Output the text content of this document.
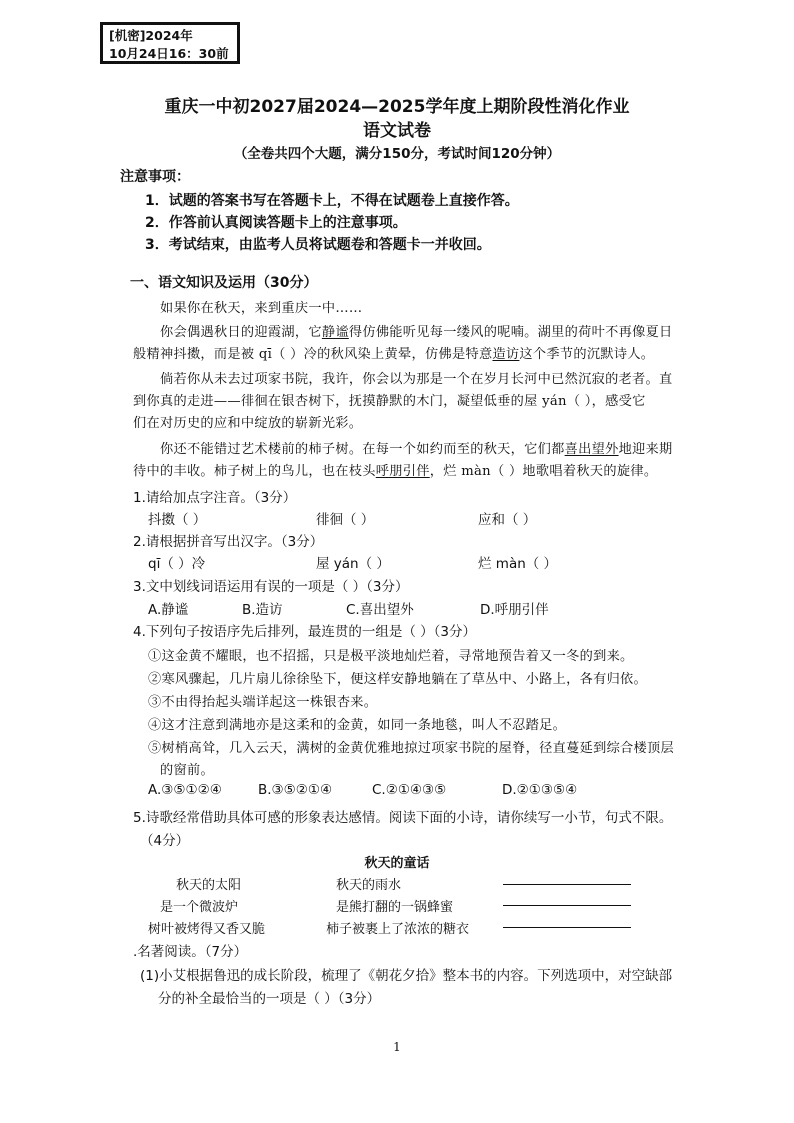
[机密]2024年
10月24日16：30前
重庆一中初2027届2024—2025学年度上期阶段性消化作业
语文试卷
（全卷共四个大题，满分150分，考试时间120分钟）
注意事项：
1．试题的答案书写在答题卡上，不得在试题卷上直接作答。
2．作答前认真阅读答题卡上的注意事项。
3．考试结束，由监考人员将试题卷和答题卡一并收回。
一、语文知识及运用（30分）
如果你在秋天，来到重庆一中……
你会偶遇秋日的迎霞湖，它静谧得仿佛能听见每一缕风的呢喃。湖里的荷叶不再像夏日
般精神抖擞，而是被 qī（ ）冷的秋风染上黄晕，仿佛是特意造访这个季节的沉默诗人。
倘若你从未去过项家书院，我许，你会以为那是一个在岁月长河中已然沉寂的老者。直
到你真的走进——徘徊在银杏树下，抚摸静默的木门，凝望低垂的屋 yán（ ），感受它
们在对历史的应和中绽放的崭新光彩。
你还不能错过艺术楼前的柿子树。在每一个如约而至的秋天，它们都喜出望外地迎来期
待中的丰收。柿子树上的鸟儿，也在枝头呼朋引伴，烂 màn（ ）地歌唱着秋天的旋律。
1.请给加点字注音。（3分）
抖擞（ ）	徘徊（ ）	应和（ ）
2.请根据拼音写出汉字。（3分）
qī（ ）冷	屋 yán（ ）	烂 màn（ ）
3.文中划线词语运用有误的一项是（ ）（3分）
A.静谧	B.造访	C.喜出望外	D.呼朋引伴
4.下列句子按语序先后排列，最连贯的一组是（ ）（3分）
①这金黄不耀眼，也不招摇，只是极平淡地灿烂着，寻常地预告着又一冬的到来。
②寒风骤起，几片扇儿徐徐坠下，便这样安静地躺在了草丛中、小路上，各有归依。
③不由得抬起头端详起这一株银杏来。
④这才注意到满地亦是这柔和的金黄，如同一条地毯，叫人不忍踏足。
⑤树梢高耸，几入云天，满树的金黄优雅地掠过项家书院的屋脊，径直蔓延到综合楼顶层
的窗前。
A.③⑤①②④	B.③⑤②①④	C.②①④③⑤	D.②①③⑤④
5.诗歌经常借助具体可感的形象表达感情。阅读下面的小诗，请你续写一小节，句式不限。
（4分）
秋天的童话
秋天的太阳	秋天的雨水
是一个微波炉	是熊打翻的一锅蜂蜜
树叶被烤得又香又脆	柿子被裹上了浓浓的糖衣
.名著阅读。（7分）
(1)小艾根据鲁迅的成长阶段，梳理了《朝花夕拾》整本书的内容。下列选项中，对空缺部
分的补全最恰当的一项是（ ）（3分）
1
